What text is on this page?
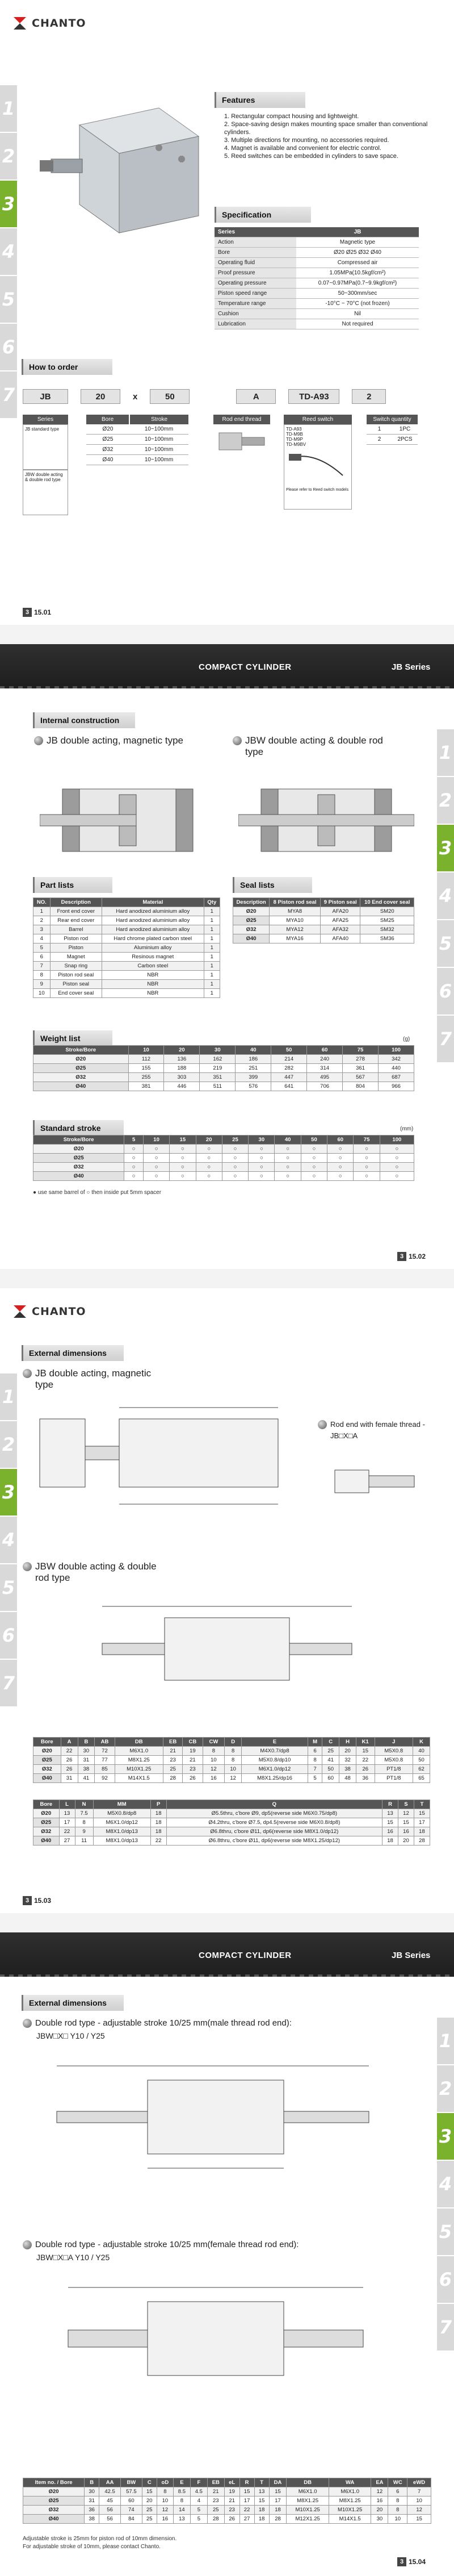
CHANTO
1
2
3
4
5
6
7
Features
1. Rectangular compact housing and lightweight.
2. Space-saving design makes mounting space smaller than conventional cylinders.
3. Multiple directions for mounting, no accessories required.
4. Magnet is available and convenient for electric control.
5. Reed switches can be embedded in cylinders to save space.
Specification
Series	JB
Action	Magnetic type
Bore	Ø20 Ø25 Ø32 Ø40
Operating fluid	Compressed air
Proof pressure	1.05MPa(10.5kgf/cm²)
Operating pressure	0.07~0.97MPa(0.7~9.9kgf/cm²)
Piston speed range	50~300mm/sec
Temperature range	-10°C ~ 70°C (not frozen)
Cushion	Nil
Lubrication	Not required
How to order
JB	20	x	50	A	TD-A93	2
Series
JB standard type
JBW double acting & double rod type
Bore	Stroke
Ø20	10~100mm
Ø25	10~100mm
Ø32	10~100mm
Ø40	10~100mm
Rod end thread	Reed switch
TD-A93
TD-M9B
TD-M9P
TD-M9BV
Please refer to Reed switch models
Switch quantity
1	1PC
2	2PCS
3 15.01
COMPACT CYLINDER	JB Series
1
2
3
4
5
6
7
Internal construction
JB double acting, magnetic type	JBW double acting & double rod type
Part lists
NO.	Description	Material	Qty
1	Front end cover	Hard anodized aluminium alloy	1
2	Rear end cover	Hard anodized aluminium alloy	1
3	Barrel	Hard anodized aluminium alloy	1
4	Piston rod	Hard chrome plated carbon steel	1
5	Piston	Aluminium alloy	1
6	Magnet	Resinous magnet	1
7	Snap ring	Carbon steel	1
8	Piston rod seal	NBR	1
9	Piston seal	NBR	1
10	End cover seal	NBR	1
Seal lists
Description	8 Piston rod seal	9 Piston seal	10 End cover seal
Ø20	MYA8	AFA20	SM20
Ø25	MYA10	AFA25	SM25
Ø32	MYA12	AFA32	SM32
Ø40	MYA16	AFA40	SM36
Weight list	(g)
Stroke/Bore	10	20	30	40	50	60	75	100
Ø20	112	136	162	186	214	240	278	342
Ø25	155	188	219	251	282	314	361	440
Ø32	255	303	351	399	447	495	567	687
Ø40	381	446	511	576	641	706	804	966
Standard stroke	(mm)
Stroke/Bore	5	10	15	20	25	30	40	50	60	75	100
Ø20	○	○	○	○	○	○	○	○	○	○	○
Ø25	○	○	○	○	○	○	○	○	○	○	○
Ø32	○	○	○	○	○	○	○	○	○	○	○
Ø40	○	○	○	○	○	○	○	○	○	○	○
● use same barrel of ○ then inside put 5mm spacer
3 15.02
CHANTO
1
2
3
4
5
6
7
External dimensions
JB double acting, magnetic type
Rod end with female thread - JB□X□A
JBW double acting & double rod type
Bore	A	B	AB	DB	EB	CB	CW	D	E	M	C	H	K1	J	K
Ø20	22	30	72	M6X1.0	21	19	8	8	M4X0.7/dp8	6	25	20	15	M5X0.8	40
Ø25	26	31	77	M8X1.25	23	21	10	8	M5X0.8/dp10	8	41	32	22	M5X0.8	50
Ø32	26	38	85	M10X1.25	25	23	12	10	M6X1.0/dp12	7	50	38	26	PT1/8	62
Ø40	31	41	92	M14X1.5	28	26	16	12	M8X1.25/dp16	5	60	48	36	PT1/8	65
Bore	L	N	MM	P	Q	R	S	T
Ø20	13	7.5	M5X0.8/dp8	18	Ø5.5thru, c'bore Ø9, dp5(reverse side M6X0.75/dp8)	13	12	15
Ø25	17	8	M6X1.0/dp12	18	Ø4.2thru, c'bore Ø7.5, dp4.5(reverse side M6X0.8/dp8)	15	15	17
Ø32	22	9	M8X1.0/dp13	18	Ø6.8thru, c'bore Ø11, dp6(reverse side M8X1.0/dp12)	16	16	18
Ø40	27	11	M8X1.0/dp13	22	Ø6.8thru, c'bore Ø11, dp6(reverse side M8X1.25/dp12)	18	20	28
3 15.03
COMPACT CYLINDER	JB Series
1
2
3
4
5
6
7
External dimensions
Double rod type - adjustable stroke 10/25 mm(male thread rod end):
JBW□X□ Y10 / Y25
Double rod type - adjustable stroke 10/25 mm(female thread rod end):
JBW□X□A Y10 / Y25
Item no. / Bore	B	AA	BW	C	oD	E	F	EB	eL	R	T	DA	DB	WA	EA	WC	eWD
Ø20	30	42.5	57.5	15	8	8.5	4.5	21	19	15	13	15	M6X1.0	M6X1.0	12	6	7
Ø25	31	45	60	20	10	8	4	23	21	17	15	17	M8X1.25	M8X1.25	16	8	10
Ø32	36	56	74	25	12	14	5	25	23	22	18	18	M10X1.25	M10X1.25	20	8	12
Ø40	38	56	84	25	16	13	5	28	26	27	18	28	M12X1.25	M14X1.5	30	10	15
Adjustable stroke is 25mm for piston rod of 10mm dimension.
For adjustable stroke of 10mm, please contact Chanto.
3 15.04
